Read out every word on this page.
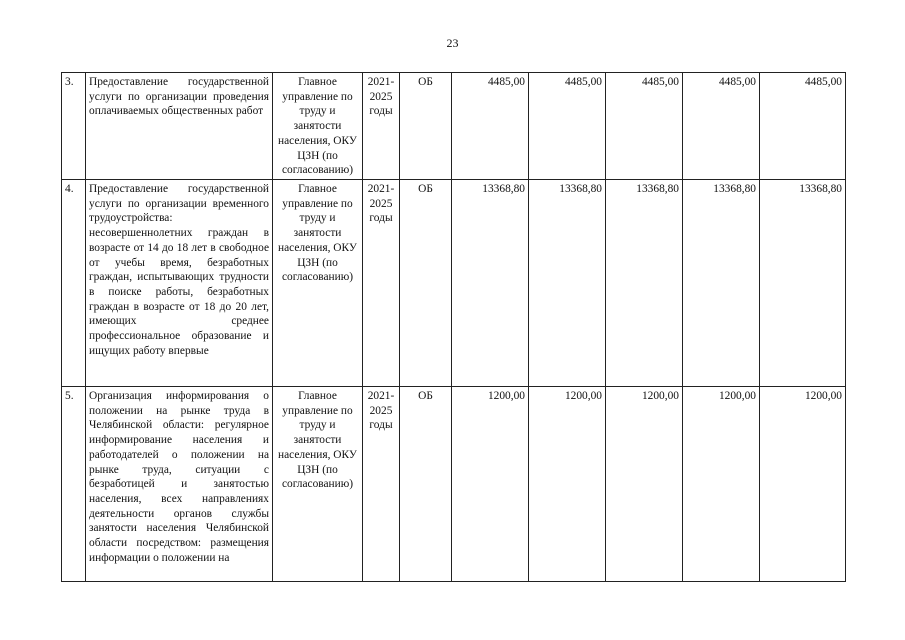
23
3.	Предоставление государственной услуги по организации проведения оплачиваемых общественных работ	Главное управление по труду и занятости населения, ОКУ ЦЗН (по согласованию)	2021-2025 годы	ОБ	4485,00	4485,00	4485,00	4485,00	4485,00
4.	Предоставление государственной услуги по организации временного трудоустройства: несовершеннолетних граждан в возрасте от 14 до 18 лет в свободное от учебы время, безработных граждан, испытывающих трудности в поиске работы, безработных граждан в возрасте от 18 до 20 лет, имеющих среднее профессиональное образование и ищущих работу впервые	Главное управление по труду и занятости населения, ОКУ ЦЗН (по согласованию)	2021-2025 годы	ОБ	13368,80	13368,80	13368,80	13368,80	13368,80
5.	Организация информирования о положении на рынке труда в Челябинской области: регулярное информирование населения и работодателей о положении на рынке труда, ситуации с безработицей и занятостью населения, всех направлениях деятельности органов службы занятости населения Челябинской области посредством: размещения информации о положении на	Главное управление по труду и занятости населения, ОКУ ЦЗН (по согласованию)	2021-2025 годы	ОБ	1200,00	1200,00	1200,00	1200,00	1200,00
